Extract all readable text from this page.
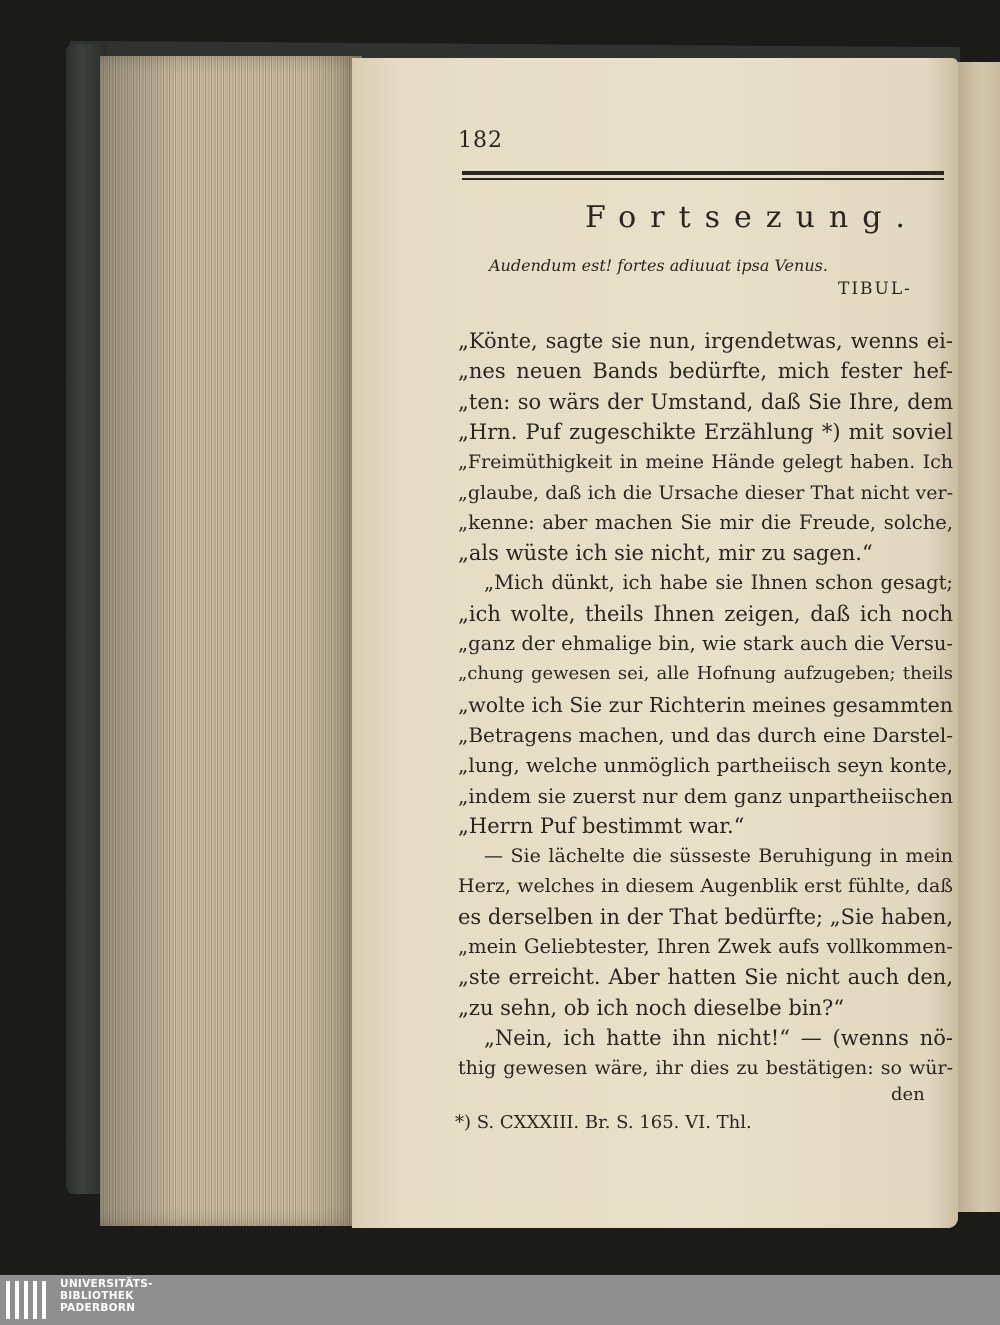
182
Fortsezung.
Audendum est! fortes adiuuat ipsa Venus.
TIBUL-
„Könte, sagte sie nun, irgendetwas, wenns ei-
„nes neuen Bands bedürfte, mich fester hef-
„ten: so wärs der Umstand, daß Sie Ihre, dem
„Hrn. Puf zugeschikte Erzählung *) mit soviel
„Freimüthigkeit in meine Hände gelegt haben. Ich
„glaube, daß ich die Ursache dieser That nicht ver-
„kenne: aber machen Sie mir die Freude, solche,
„als wüste ich sie nicht, mir zu sagen.“
„Mich dünkt, ich habe sie Ihnen schon gesagt;
„ich wolte, theils Ihnen zeigen, daß ich noch
„ganz der ehmalige bin, wie stark auch die Versu-
„chung gewesen sei, alle Hofnung aufzugeben; theils
„wolte ich Sie zur Richterin meines gesammten
„Betragens machen, und das durch eine Darstel-
„lung, welche unmöglich partheiisch seyn konte,
„indem sie zuerst nur dem ganz unpartheiischen
„Herrn Puf bestimmt war.“
— Sie lächelte die süsseste Beruhigung in mein
Herz, welches in diesem Augenblik erst fühlte, daß
es derselben in der That bedürfte; „Sie haben,
„mein Geliebtester, Ihren Zwek aufs vollkommen-
„ste erreicht. Aber hatten Sie nicht auch den,
„zu sehn, ob ich noch dieselbe bin?“
„Nein, ich hatte ihn nicht!“ — (wenns nö-
thig gewesen wäre, ihr dies zu bestätigen: so wür-
den
*) S. CXXXIII. Br. S. 165. VI. Thl.
UNIVERSITÄTS-
BIBLIOTHEK
PADERBORN
